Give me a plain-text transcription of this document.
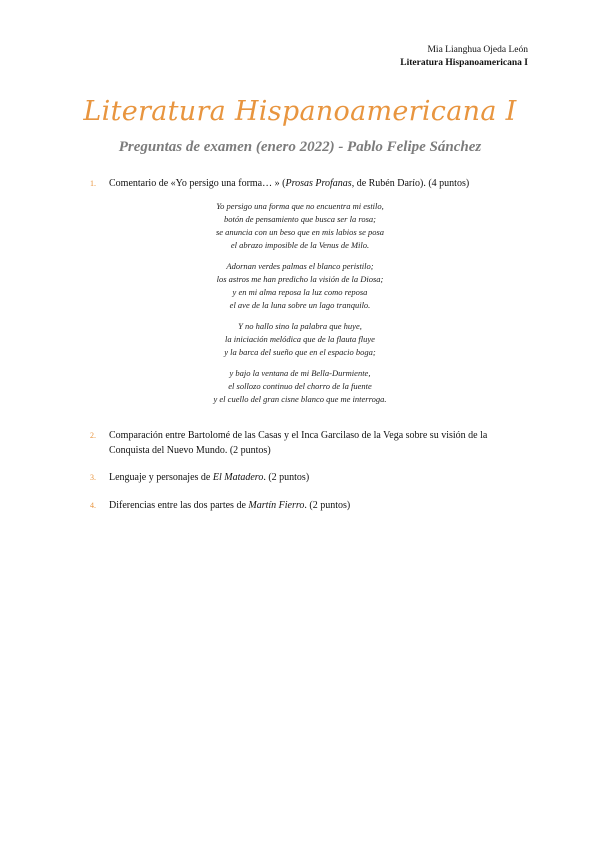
Mia Lianghua Ojeda León
Literatura Hispanoamericana I
Literatura Hispanoamericana I
Preguntas de examen (enero 2022) - Pablo Felipe Sánchez
1. Comentario de «Yo persigo una forma… » (Prosas Profanas, de Rubén Darío). (4 puntos)
Yo persigo una forma que no encuentra mi estilo,
botón de pensamiento que busca ser la rosa;
se anuncia con un beso que en mis labios se posa
el abrazo imposible de la Venus de Milo.
Adornan verdes palmas el blanco peristilo;
los astros me han predicho la visión de la Diosa;
y en mi alma reposa la luz como reposa
el ave de la luna sobre un lago tranquilo.
Y no hallo sino la palabra que huye,
la iniciación melódica que de la flauta fluye
y la barca del sueño que en el espacio boga;
y bajo la ventana de mi Bella-Durmiente,
el sollozo continuo del chorro de la fuente
y el cuello del gran cisne blanco que me interroga.
2. Comparación entre Bartolomé de las Casas y el Inca Garcilaso de la Vega sobre su visión de la Conquista del Nuevo Mundo. (2 puntos)
3. Lenguaje y personajes de El Matadero. (2 puntos)
4. Diferencias entre las dos partes de Martín Fierro. (2 puntos)
